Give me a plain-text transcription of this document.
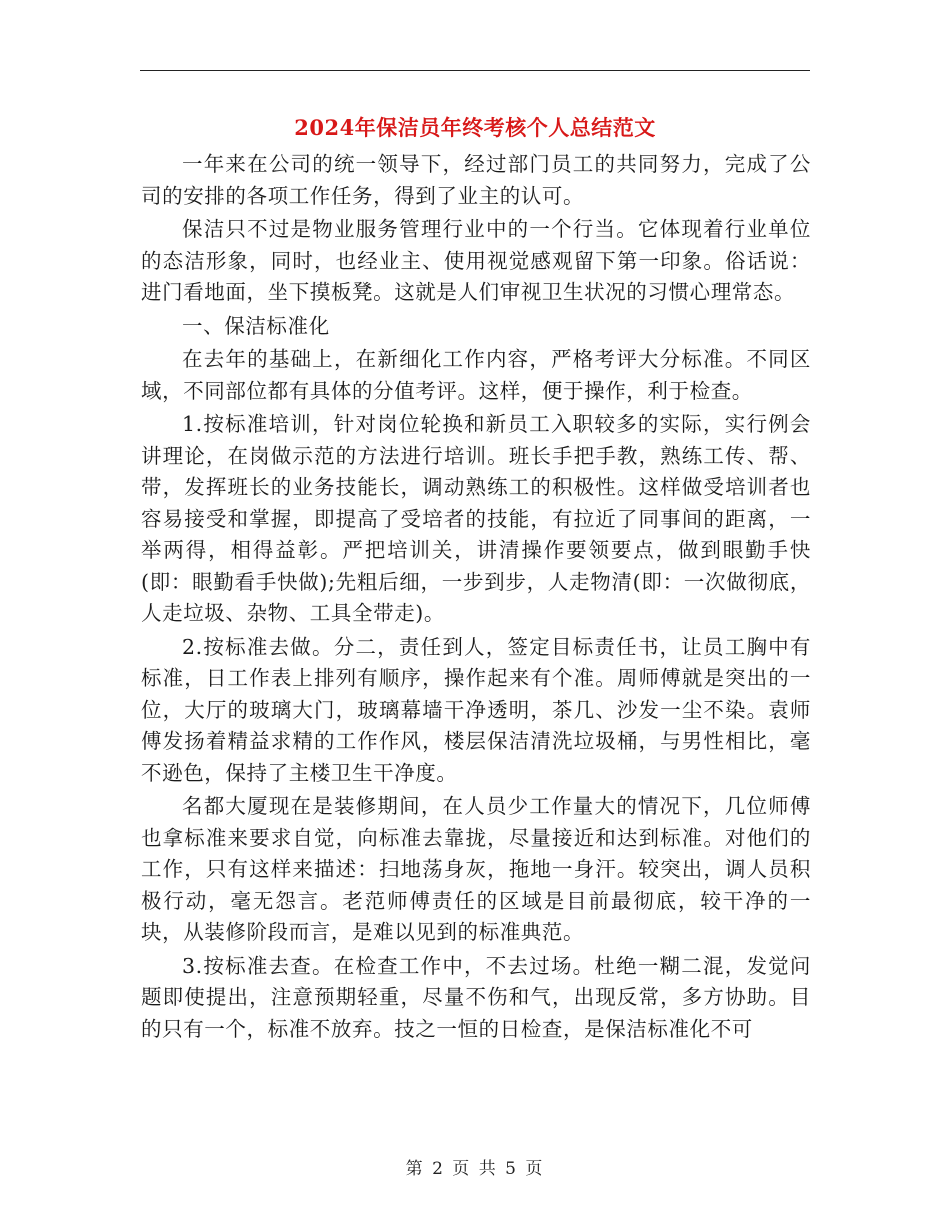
2024年保洁员年终考核个人总结范文

一年来在公司的统一领导下，经过部门员工的共同努力，完成了公司的安排的各项工作任务，得到了业主的认可。

保洁只不过是物业服务管理行业中的一个行当。它体现着行业单位的态洁形象，同时，也经业主、使用视觉感观留下第一印象。俗话说：进门看地面，坐下摸板凳。这就是人们审视卫生状况的习惯心理常态。

一、保洁标准化

在去年的基础上，在新细化工作内容，严格考评大分标准。不同区域，不同部位都有具体的分值考评。这样，便于操作，利于检查。

1.按标准培训，针对岗位轮换和新员工入职较多的实际，实行例会讲理论，在岗做示范的方法进行培训。班长手把手教，熟练工传、帮、带，发挥班长的业务技能长，调动熟练工的积极性。这样做受培训者也容易接受和掌握，即提高了受培者的技能，有拉近了同事间的距离，一举两得，相得益彰。严把培训关，讲清操作要领要点，做到眼勤手快(即：眼勤看手快做);先粗后细，一步到步，人走物清(即：一次做彻底，人走垃圾、杂物、工具全带走)。

2.按标准去做。分二，责任到人，签定目标责任书，让员工胸中有标准，日工作表上排列有顺序，操作起来有个准。周师傅就是突出的一位，大厅的玻璃大门，玻璃幕墙干净透明，茶几、沙发一尘不染。袁师傅发扬着精益求精的工作作风，楼层保洁清洗垃圾桶，与男性相比，毫不逊色，保持了主楼卫生干净度。

名都大厦现在是装修期间，在人员少工作量大的情况下，几位师傅也拿标准来要求自觉，向标准去靠拢，尽量接近和达到标准。对他们的工作，只有这样来描述：扫地荡身灰，拖地一身汗。较突出，调人员积极行动，毫无怨言。老范师傅责任的区域是目前最彻底，较干净的一块，从装修阶段而言，是难以见到的标准典范。

3.按标准去查。在检查工作中，不去过场。杜绝一糊二混，发觉问题即使提出，注意预期轻重，尽量不伤和气，出现反常，多方协助。目的只有一个，标准不放弃。技之一恒的日检查，是保洁标准化不可

第 2 页 共 5 页
